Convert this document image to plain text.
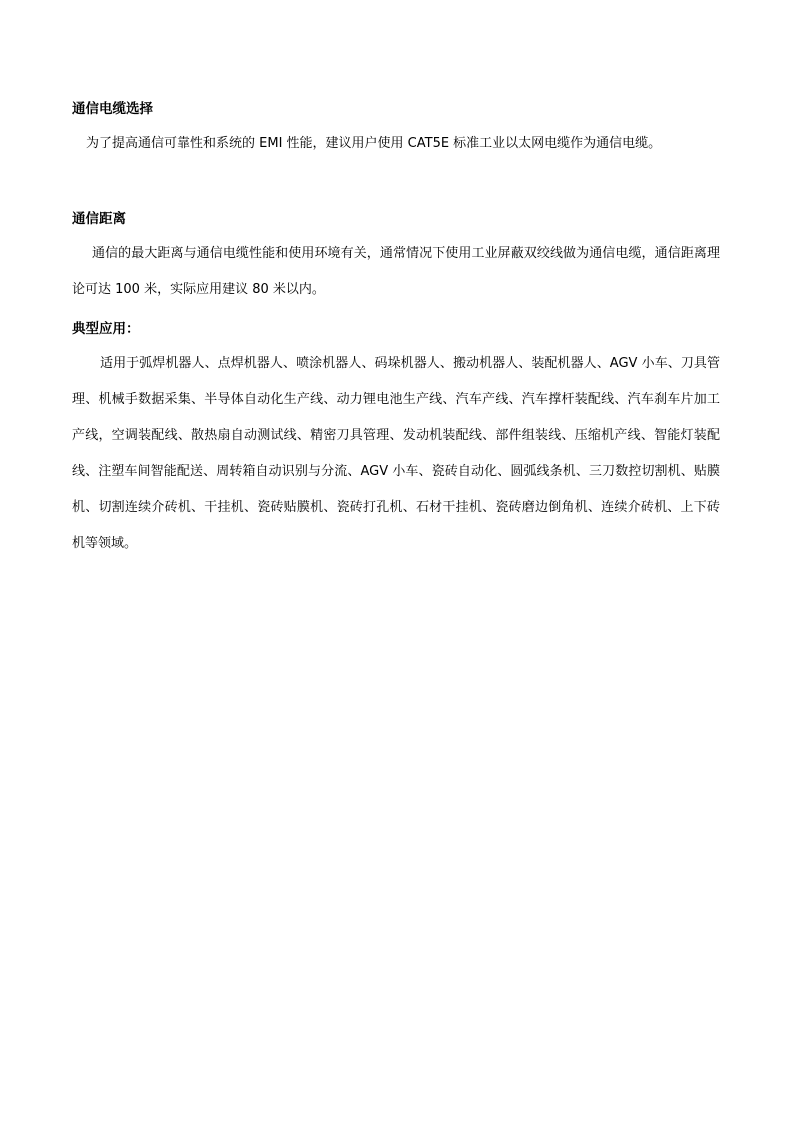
通信电缆选择
为了提高通信可靠性和系统的 EMI 性能，建议用户使用 CAT5E 标准工业以太网电缆作为通信电缆。
通信距离
通信的最大距离与通信电缆性能和使用环境有关，通常情况下使用工业屏蔽双绞线做为通信电缆，通信距离理论可达 100 米，实际应用建议 80 米以内。
典型应用：
适用于弧焊机器人、点焊机器人、喷涂机器人、码垛机器人、搬动机器人、装配机器人、AGV 小车、刀具管理、机械手数据采集、半导体自动化生产线、动力锂电池生产线、汽车产线、汽车撑杆装配线、汽车刹车片加工产线，空调装配线、散热扇自动测试线、精密刀具管理、发动机装配线、部件组装线、压缩机产线、智能灯装配线、注塑车间智能配送、周转箱自动识别与分流、AGV 小车、瓷砖自动化、圆弧线条机、三刀数控切割机、贴膜机、切割连续介砖机、干挂机、瓷砖贴膜机、瓷砖打孔机、石材干挂机、瓷砖磨边倒角机、连续介砖机、上下砖机等领域。
